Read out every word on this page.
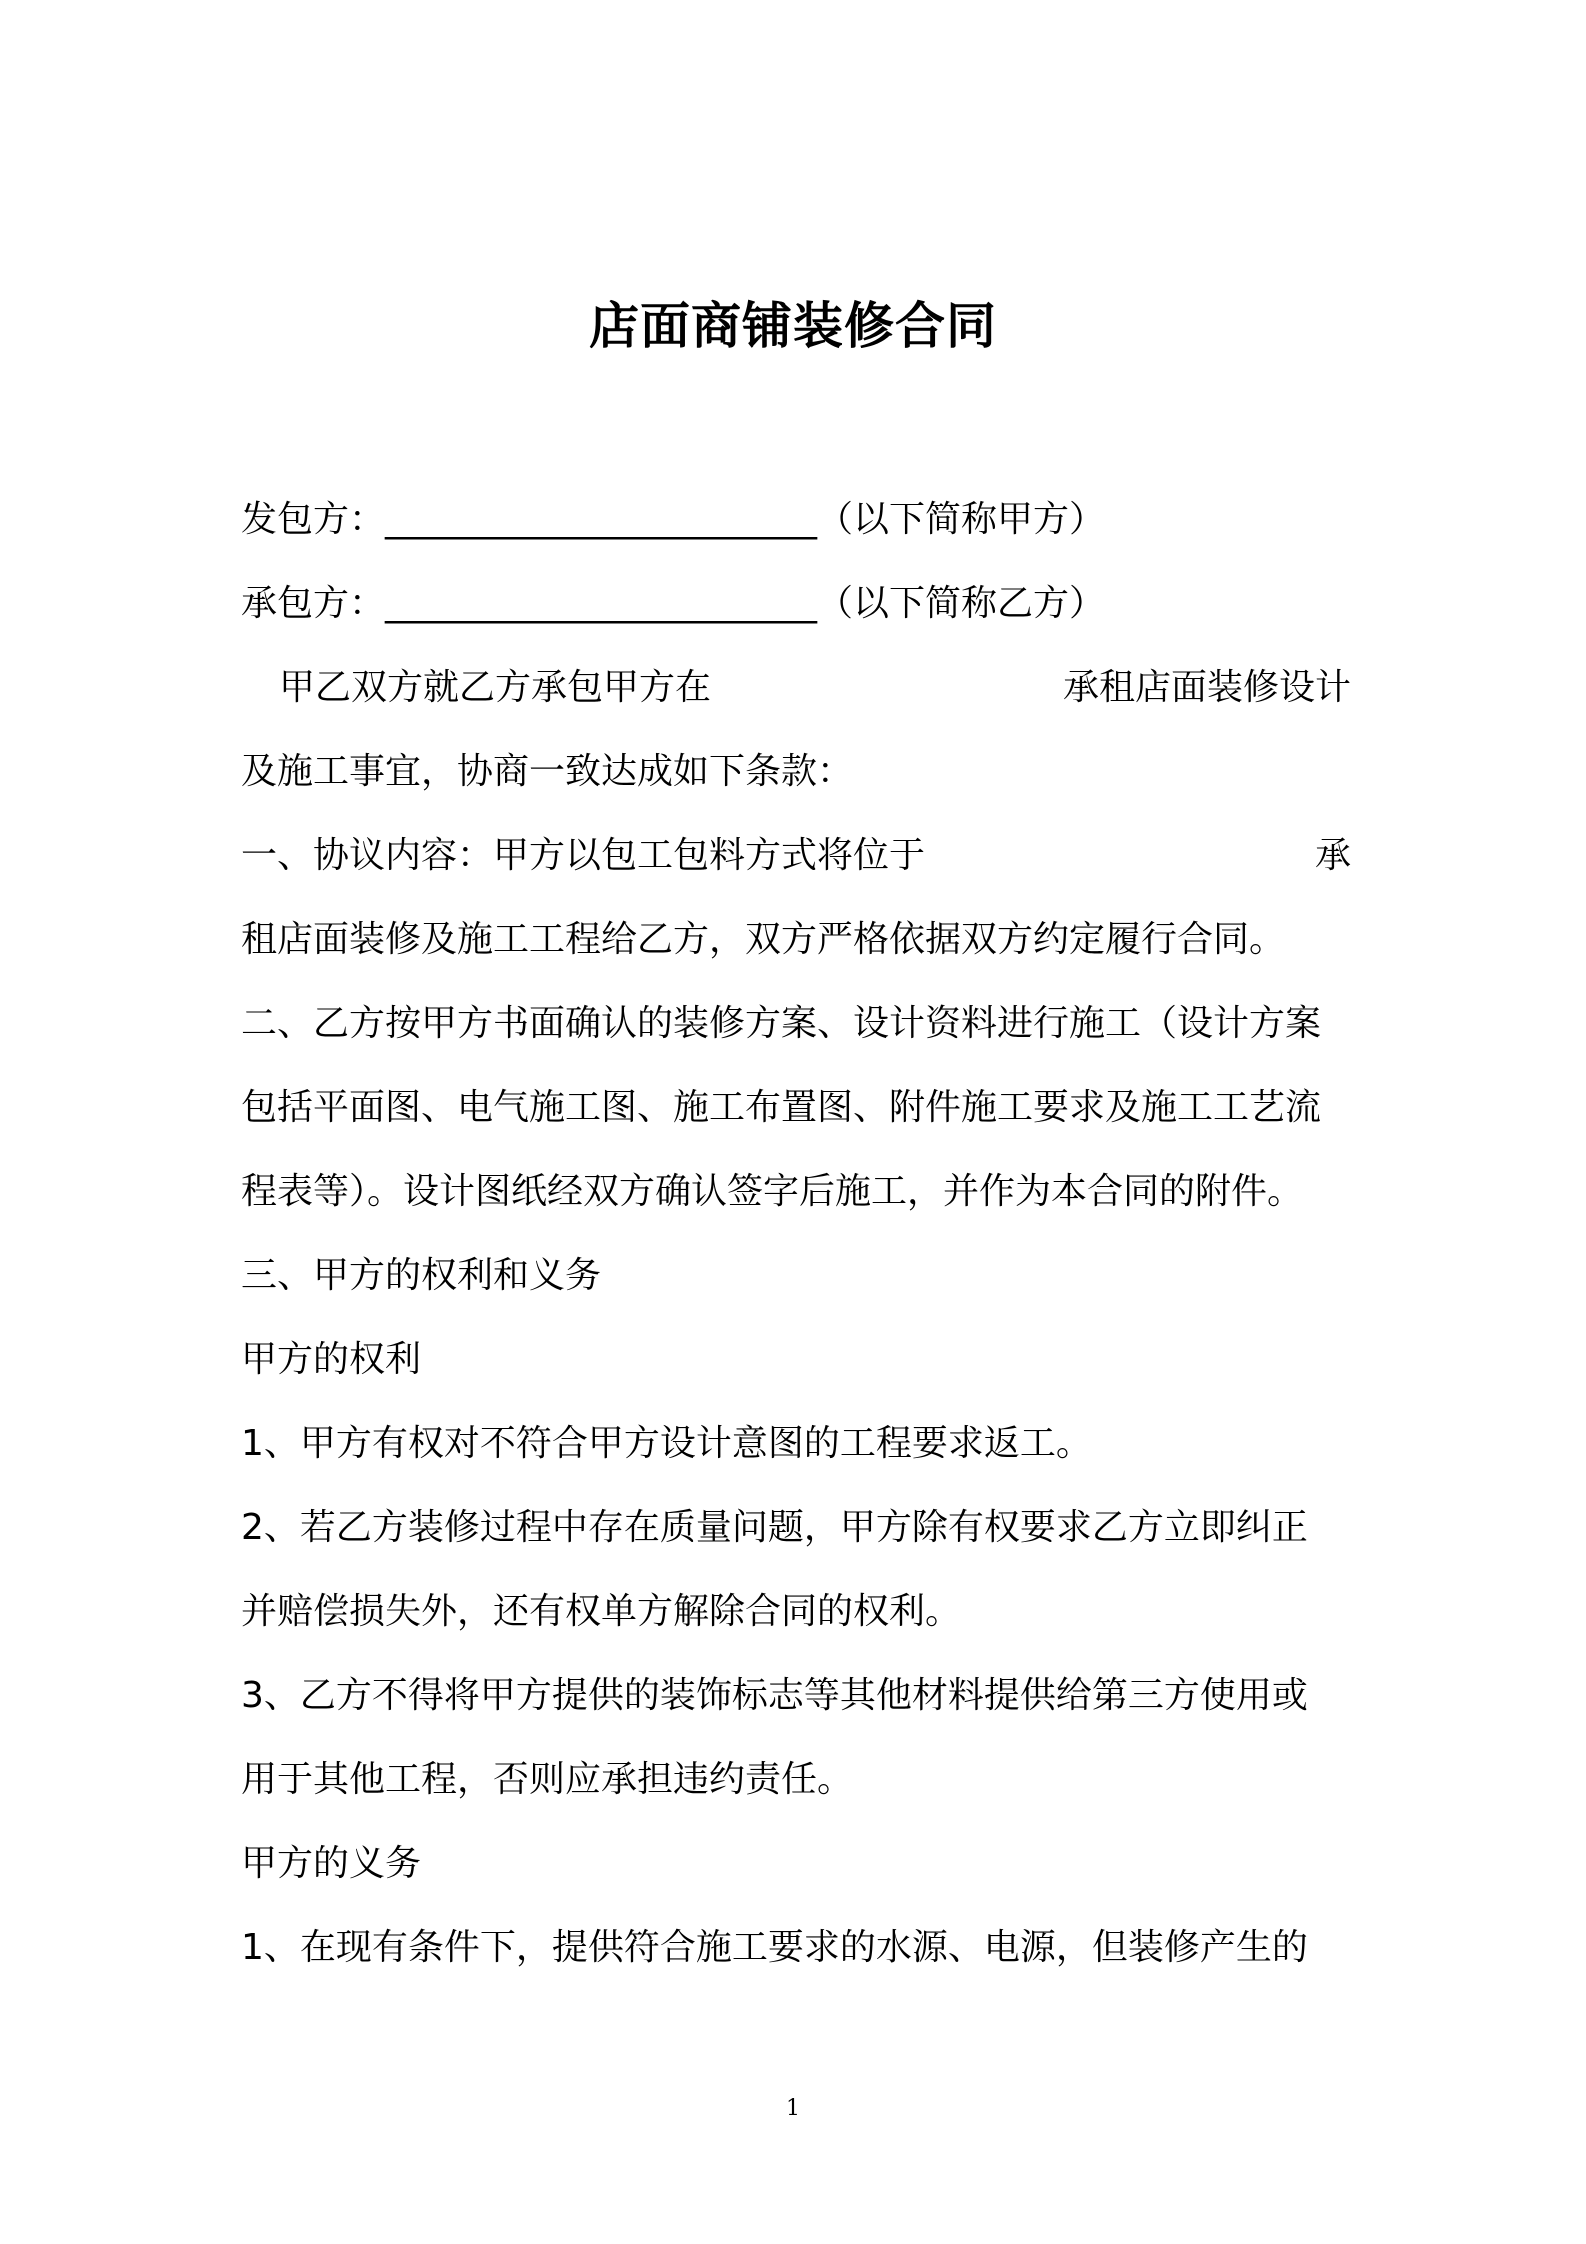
店面商铺装修合同
发包方：________________________（以下简称甲方）
承包方：________________________（以下简称乙方）
甲乙双方就乙方承包甲方在	承租店面装修设计
及施工事宜，协商一致达成如下条款：
一、协议内容：甲方以包工包料方式将位于	承
租店面装修及施工工程给乙方，双方严格依据双方约定履行合同。
二、乙方按甲方书面确认的装修方案、设计资料进行施工（设计方案
包括平面图、电气施工图、施工布置图、附件施工要求及施工工艺流
程表等）。设计图纸经双方确认签字后施工，并作为本合同的附件。
三、甲方的权利和义务
甲方的权利
1、甲方有权对不符合甲方设计意图的工程要求返工。
2、若乙方装修过程中存在质量问题，甲方除有权要求乙方立即纠正
并赔偿损失外，还有权单方解除合同的权利。
3、乙方不得将甲方提供的装饰标志等其他材料提供给第三方使用或
用于其他工程，否则应承担违约责任。
甲方的义务
1、在现有条件下，提供符合施工要求的水源、电源，但装修产生的
1
